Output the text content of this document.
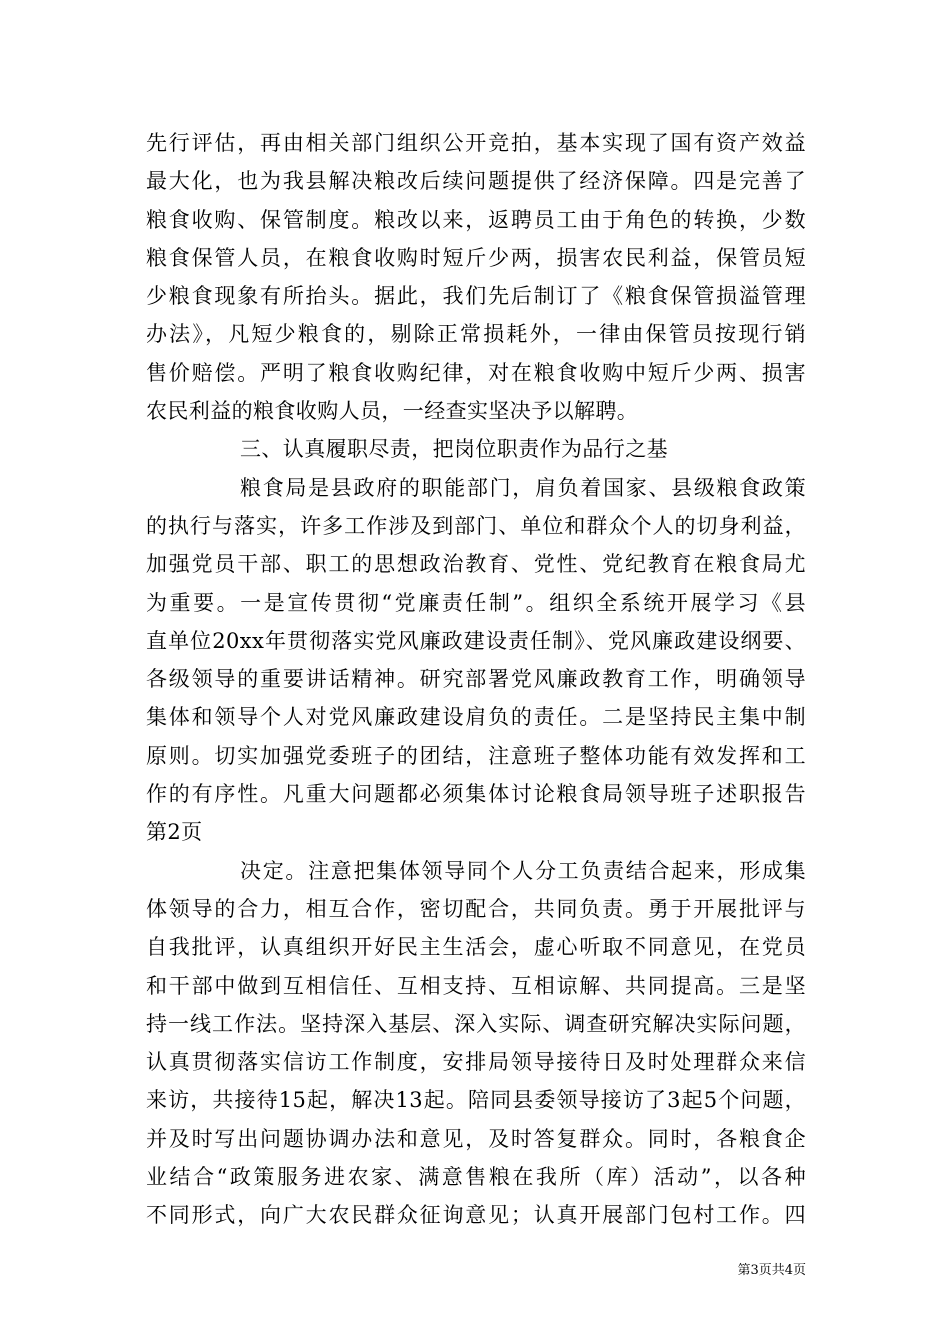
先行评估，再由相关部门组织公开竞拍，基本实现了国有资产效益
最大化，也为我县解决粮改后续问题提供了经济保障。四是完善了
粮食收购、保管制度。粮改以来，返聘员工由于角色的转换，少数
粮食保管人员，在粮食收购时短斤少两，损害农民利益，保管员短
少粮食现象有所抬头。据此，我们先后制订了《粮食保管损溢管理
办法》，凡短少粮食的，剔除正常损耗外，一律由保管员按现行销
售价赔偿。严明了粮食收购纪律，对在粮食收购中短斤少两、损害
农民利益的粮食收购人员，一经查实坚决予以解聘。
三、认真履职尽责，把岗位职责作为品行之基
粮食局是县政府的职能部门，肩负着国家、县级粮食政策
的执行与落实，许多工作涉及到部门、单位和群众个人的切身利益，
加强党员干部、职工的思想政治教育、党性、党纪教育在粮食局尤
为重要。一是宣传贯彻“党廉责任制”。组织全系统开展学习《县
直单位20xx年贯彻落实党风廉政建设责任制》、党风廉政建设纲要、
各级领导的重要讲话精神。研究部署党风廉政教育工作，明确领导
集体和领导个人对党风廉政建设肩负的责任。二是坚持民主集中制
原则。切实加强党委班子的团结，注意班子整体功能有效发挥和工
作的有序性。凡重大问题都必须集体讨论粮食局领导班子述职报告
第2页
决定。注意把集体领导同个人分工负责结合起来，形成集
体领导的合力，相互合作，密切配合，共同负责。勇于开展批评与
自我批评，认真组织开好民主生活会，虚心听取不同意见，在党员
和干部中做到互相信任、互相支持、互相谅解、共同提高。三是坚
持一线工作法。坚持深入基层、深入实际、调查研究解决实际问题，
认真贯彻落实信访工作制度，安排局领导接待日及时处理群众来信
来访，共接待15起，解决13起。陪同县委领导接访了3起5个问题，
并及时写出问题协调办法和意见，及时答复群众。同时，各粮食企
业结合“政策服务进农家、满意售粮在我所（库）活动”，以各种
不同形式，向广大农民群众征询意见；认真开展部门包村工作。四
第3页共4页
